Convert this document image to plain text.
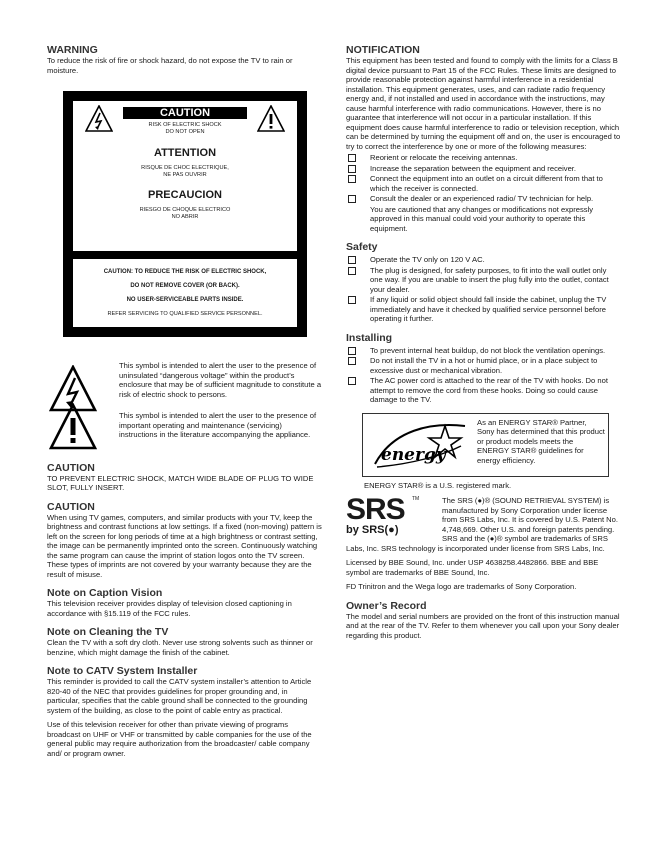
WARNING

To reduce the risk of fire or shock hazard, do not expose the TV to rain or moisture.

CAUTION
RISK OF ELECTRIC SHOCK
DO NOT OPEN
ATTENTION
RISQUE DE CHOC ELECTRIQUE,
NE PAS OUVRIR
PRECAUCION
RIESGO DE CHOQUE ELECTRICO
NO ABRIR
CAUTION: TO REDUCE THE RISK OF ELECTRIC SHOCK,
DO NOT REMOVE COVER (OR BACK).
NO USER-SERVICEABLE PARTS INSIDE.
REFER SERVICING TO QUALIFIED SERVICE PERSONNEL.

This symbol is intended to alert the user to the presence of uninsulated “dangerous voltage” within the product’s enclosure that may be of sufficient magnitude to constitute a risk of electric shock to persons.

This symbol is intended to alert the user to the presence of important operating and maintenance (servicing) instructions in the literature accompanying the appliance.

CAUTION

TO PREVENT ELECTRIC SHOCK, MATCH WIDE BLADE OF PLUG TO WIDE SLOT, FULLY INSERT.

CAUTION

When using TV games, computers, and similar products with your TV, keep the brightness and contrast functions at low settings. If a fixed (non-moving) pattern is left on the screen for long periods of time at a high brightness or contrast setting, the image can be permanently imprinted onto the screen. Continuously watching the same program can cause the imprint of station logos onto the TV screen. These types of imprints are not covered by your warranty because they are the result of misuse.

Note on Caption Vision

This television receiver provides display of television closed captioning in accordance with §15.119 of the FCC rules.

Note on Cleaning the TV

Clean the TV with a soft dry cloth. Never use strong solvents such as thinner or benzine, which might damage the finish of the cabinet.

Note to CATV System Installer

This reminder is provided to call the CATV system installer’s attention to Article 820-40 of the NEC that provides guidelines for proper grounding and, in particular, specifies that the cable ground shall be connected to the grounding system of the building, as close to the point of cable entry as practical.

Use of this television receiver for other than private viewing of programs broadcast on UHF or VHF or transmitted by cable companies for the use of the general public may require authorization from the broadcaster/ cable company and/ or program owner.

NOTIFICATION

This equipment has been tested and found to comply with the limits for a Class B digital device pursuant to Part 15 of the FCC Rules. These limits are designed to provide reasonable protection against harmful interference in a residential installation. This equipment generates, uses, and can radiate radio frequency energy and, if not installed and used in accordance with the instructions, may cause harmful interference with radio communications. However, there is no guarantee that interference will not occur in a particular installation. If this equipment does cause harmful interference to radio or television reception, which can be determined by turning the equipment off and on, the user is encouraged to try to correct the interference by one or more of the following measures:

Reorient or relocate the receiving antennas.
Increase the separation between the equipment and receiver.
Connect the equipment into an outlet on a circuit different from that to which the receiver is connected.
Consult the dealer or an experienced radio/ TV technician for help.
You are cautioned that any changes or modifications not expressly approved in this manual could void your authority to operate this equipment.
Safety
Operate the TV only on 120 V AC.
The plug is designed, for safety purposes, to fit into the wall outlet only one way. If you are unable to insert the plug fully into the outlet, contact your dealer.
If any liquid or solid object should fall inside the cabinet, unplug the TV immediately and have it checked by qualified service personnel before operating it further.
Installing
To prevent internal heat buildup, do not block the ventilation openings.
Do not install the TV in a hot or humid place, or in a place subject to excessive dust or mechanical vibration.
The AC power cord is attached to the rear of the TV with hooks. Do not attempt to remove the cord from these hooks. Doing so could cause damage to the TV.
energy

As an ENERGY STAR® Partner, Sony has determined that this product or product models meets the ENERGY STAR® guidelines for energy efficiency.

ENERGY STAR® is a U.S. registered mark.

SRS
by SRS(●)
TM	The SRS (●)® (SOUND RETRIEVAL SYSTEM) is manufactured by Sony Corporation under license from SRS Labs, Inc. It is covered by U.S. Patent No. 4,748,669. Other U.S. and foreign patents pending. SRS and the (●)® symbol are trademarks of SRS Labs, Inc. SRS technology is incorporated under license from SRS Labs, Inc.

Licensed by BBE Sound, Inc. under USP 4638258.4482866. BBE and BBE symbol are trademarks of BBE Sound, Inc.

FD Trinitron and the Wega logo are trademarks of Sony Corporation.

Owner’s Record

The model and serial numbers are provided on the front of this instruction manual and at the rear of the TV. Refer to them whenever you call upon your Sony dealer regarding this product.
